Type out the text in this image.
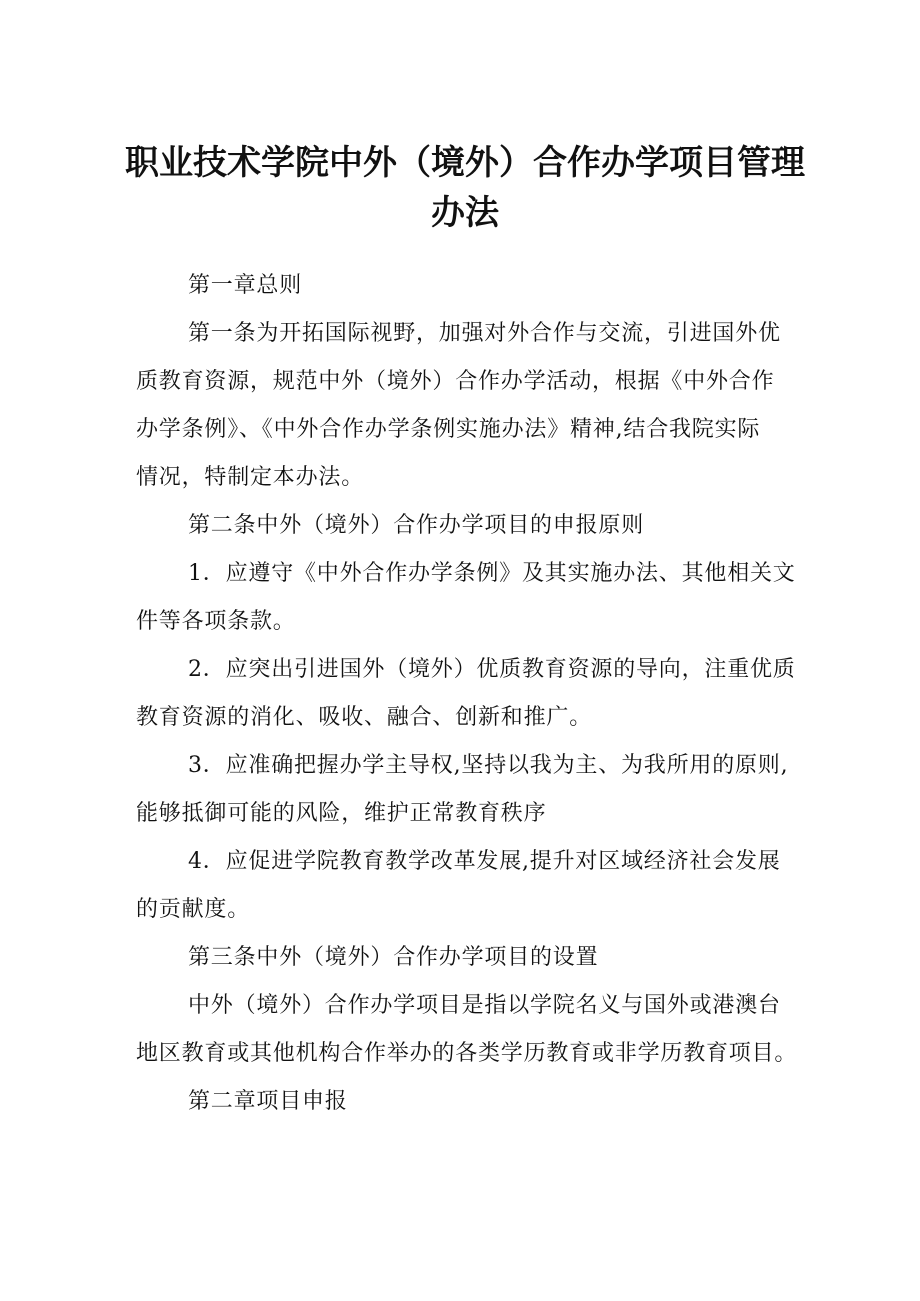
职业技术学院中外（境外）合作办学项目管理
办法

第一章总则

第一条为开拓国际视野，加强对外合作与交流，引进国外优
质教育资源，规范中外（境外）合作办学活动，根据《中外合作
办学条例》、《中外合作办学条例实施办法》精神,结合我院实际
情况，特制定本办法。

第二条中外（境外）合作办学项目的申报原则

1．应遵守《中外合作办学条例》及其实施办法、其他相关文
件等各项条款。

2．应突出引进国外（境外）优质教育资源的导向，注重优质
教育资源的消化、吸收、融合、创新和推广。

3．应准确把握办学主导权,坚持以我为主、为我所用的原则,
能够抵御可能的风险，维护正常教育秩序

4．应促进学院教育教学改革发展,提升对区域经济社会发展
的贡献度。

第三条中外（境外）合作办学项目的设置

中外（境外）合作办学项目是指以学院名义与国外或港澳台
地区教育或其他机构合作举办的各类学历教育或非学历教育项目。

第二章项目申报
